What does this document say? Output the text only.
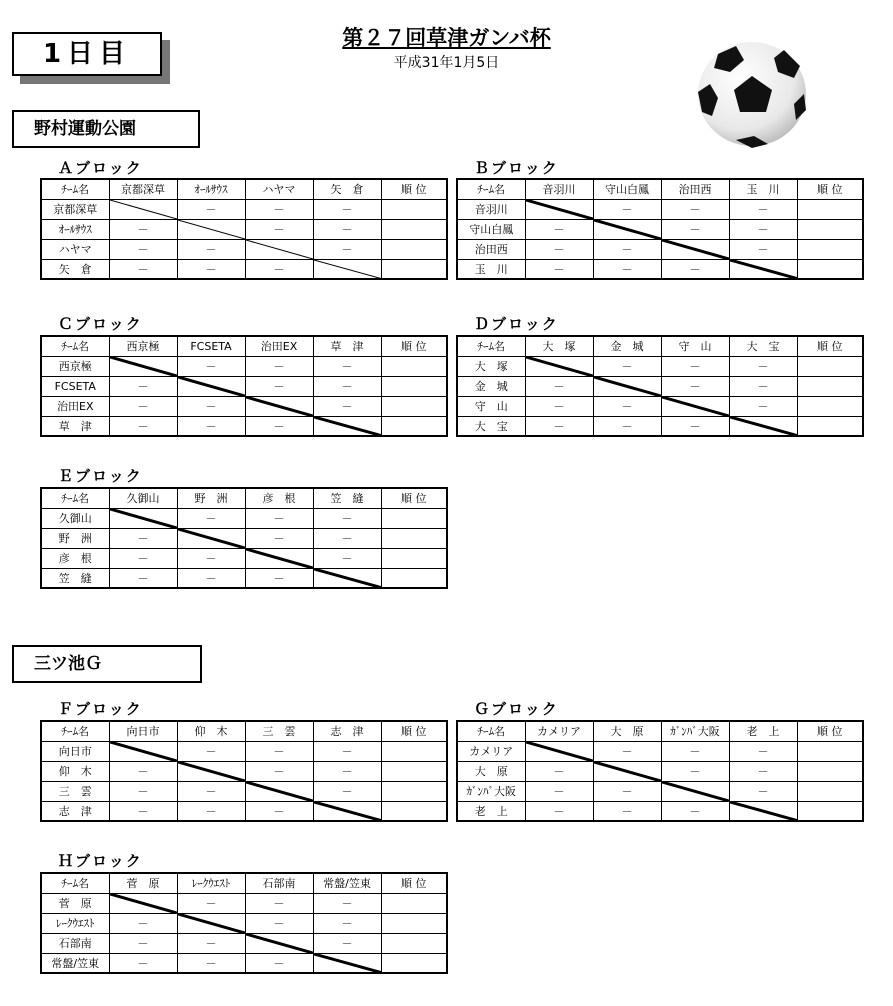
1日目
第２７回草津ガンバ杯
平成31年1月5日
野村運動公園
Ａブロック
ﾁｰﾑ名	京都深草	ｵｰﾙｻｳｽ	ハヤマ	矢　倉	順 位
京都深草		－	－	－	
ｵｰﾙｻｳｽ	－		－	－	
ハヤマ	－	－		－	
矢　倉	－	－	－	

Ｂブロック
ﾁｰﾑ名	音羽川	守山白鳳	治田西	玉　川	順 位
音羽川		－	－	－	
守山白鳳	－		－	－	
治田西	－	－		－	
玉　川	－	－	－	

Ｃブロック
ﾁｰﾑ名	西京極	FCSETA	治田EX	草　津	順 位
西京極		－	－	－	
FCSETA	－		－	－	
治田EX	－	－		－	
草　津	－	－	－	

Ｄブロック
ﾁｰﾑ名	大　塚	金　城	守　山	大　宝	順 位
大　塚		－	－	－	
金　城	－		－	－	
守　山	－	－		－	
大　宝	－	－	－	

Ｅブロック
ﾁｰﾑ名	久御山	野　洲	彦　根	笠　縫	順 位
久御山		－	－	－	
野　洲	－		－	－	
彦　根	－	－		－	
笠　縫	－	－	－	

Ｆブロック
ﾁｰﾑ名	向日市	仰　木	三　雲	志　津	順 位
向日市		－	－	－	
仰　木	－		－	－	
三　雲	－	－		－	
志　津	－	－	－	

Ｇブロック
ﾁｰﾑ名	カメリア	大　原	ｶﾞﾝﾊﾞ大阪	老　上	順 位
カメリア		－	－	－	
大　原	－		－	－	
ｶﾞﾝﾊﾞ大阪	－	－		－	
老　上	－	－	－	

Ｈブロック
ﾁｰﾑ名	菅　原	ﾚｰｸｳｴｽﾄ	石部南	常盤/笠東	順 位
菅　原		－	－	－	
ﾚｰｸｳｴｽﾄ	－		－	－	
石部南	－	－		－	
常盤/笠東	－	－	－	

三ツ池Ｇ
